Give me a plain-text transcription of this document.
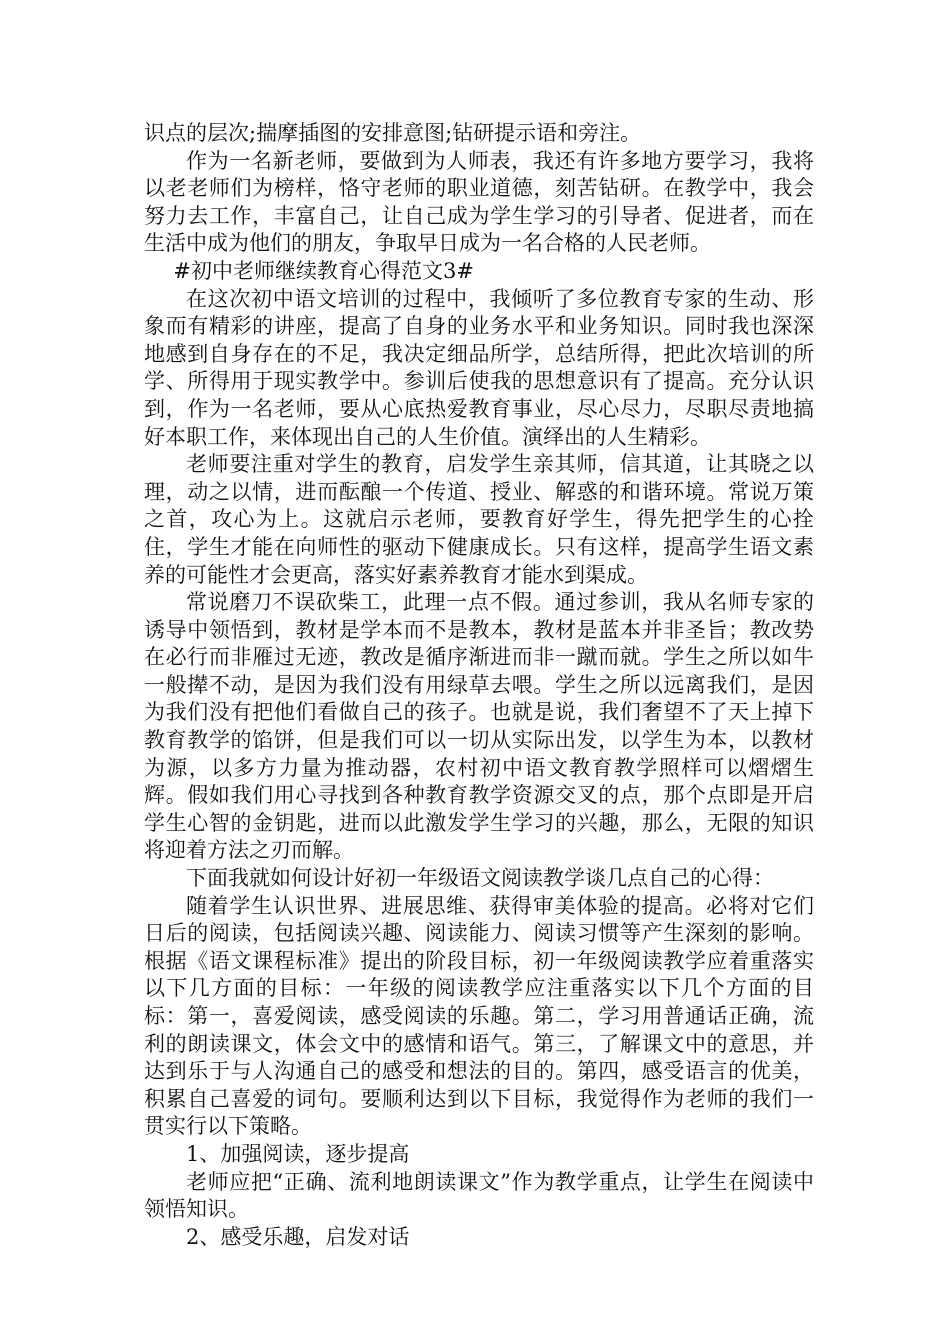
识点的层次;揣摩插图的安排意图;钻研提示语和旁注。

作为一名新老师，要做到为人师表，我还有许多地方要学习，我将以老老师们为榜样，恪守老师的职业道德，刻苦钻研。在教学中，我会努力去工作，丰富自己，让自己成为学生学习的引导者、促进者，而在生活中成为他们的朋友，争取早日成为一名合格的人民老师。

#初中老师继续教育心得范文3#

在这次初中语文培训的过程中，我倾听了多位教育专家的生动、形象而有精彩的讲座，提高了自身的业务水平和业务知识。同时我也深深地感到自身存在的不足，我决定细品所学，总结所得，把此次培训的所学、所得用于现实教学中。参训后使我的思想意识有了提高。充分认识到，作为一名老师，要从心底热爱教育事业，尽心尽力，尽职尽责地搞好本职工作，来体现出自己的人生价值。演绎出的人生精彩。

老师要注重对学生的教育，启发学生亲其师，信其道，让其晓之以理，动之以情，进而酝酿一个传道、授业、解惑的和谐环境。常说万策之首，攻心为上。这就启示老师，要教育好学生，得先把学生的心拴住，学生才能在向师性的驱动下健康成长。只有这样，提高学生语文素养的可能性才会更高，落实好素养教育才能水到渠成。

常说磨刀不误砍柴工，此理一点不假。通过参训，我从名师专家的诱导中领悟到，教材是学本而不是教本，教材是蓝本并非圣旨；教改势在必行而非雁过无迹，教改是循序渐进而非一蹴而就。学生之所以如牛一般撵不动，是因为我们没有用绿草去喂。学生之所以远离我们，是因为我们没有把他们看做自己的孩子。也就是说，我们奢望不了天上掉下教育教学的馅饼，但是我们可以一切从实际出发，以学生为本，以教材为源，以多方力量为推动器，农村初中语文教育教学照样可以熠熠生辉。假如我们用心寻找到各种教育教学资源交叉的点，那个点即是开启学生心智的金钥匙，进而以此激发学生学习的兴趣，那么，无限的知识将迎着方法之刃而解。

下面我就如何设计好初一年级语文阅读教学谈几点自己的心得：

随着学生认识世界、进展思维、获得审美体验的提高。必将对它们日后的阅读，包括阅读兴趣、阅读能力、阅读习惯等产生深刻的影响。根据《语文课程标准》提出的阶段目标，初一年级阅读教学应着重落实以下几方面的目标：一年级的阅读教学应注重落实以下几个方面的目标：第一，喜爱阅读，感受阅读的乐趣。第二，学习用普通话正确，流利的朗读课文，体会文中的感情和语气。第三，了解课文中的意思，并达到乐于与人沟通自己的感受和想法的目的。第四，感受语言的优美，积累自己喜爱的词句。要顺利达到以下目标，我觉得作为老师的我们一贯实行以下策略。

1、加强阅读，逐步提高

老师应把“正确、流利地朗读课文”作为教学重点，让学生在阅读中领悟知识。

2、感受乐趣，启发对话
